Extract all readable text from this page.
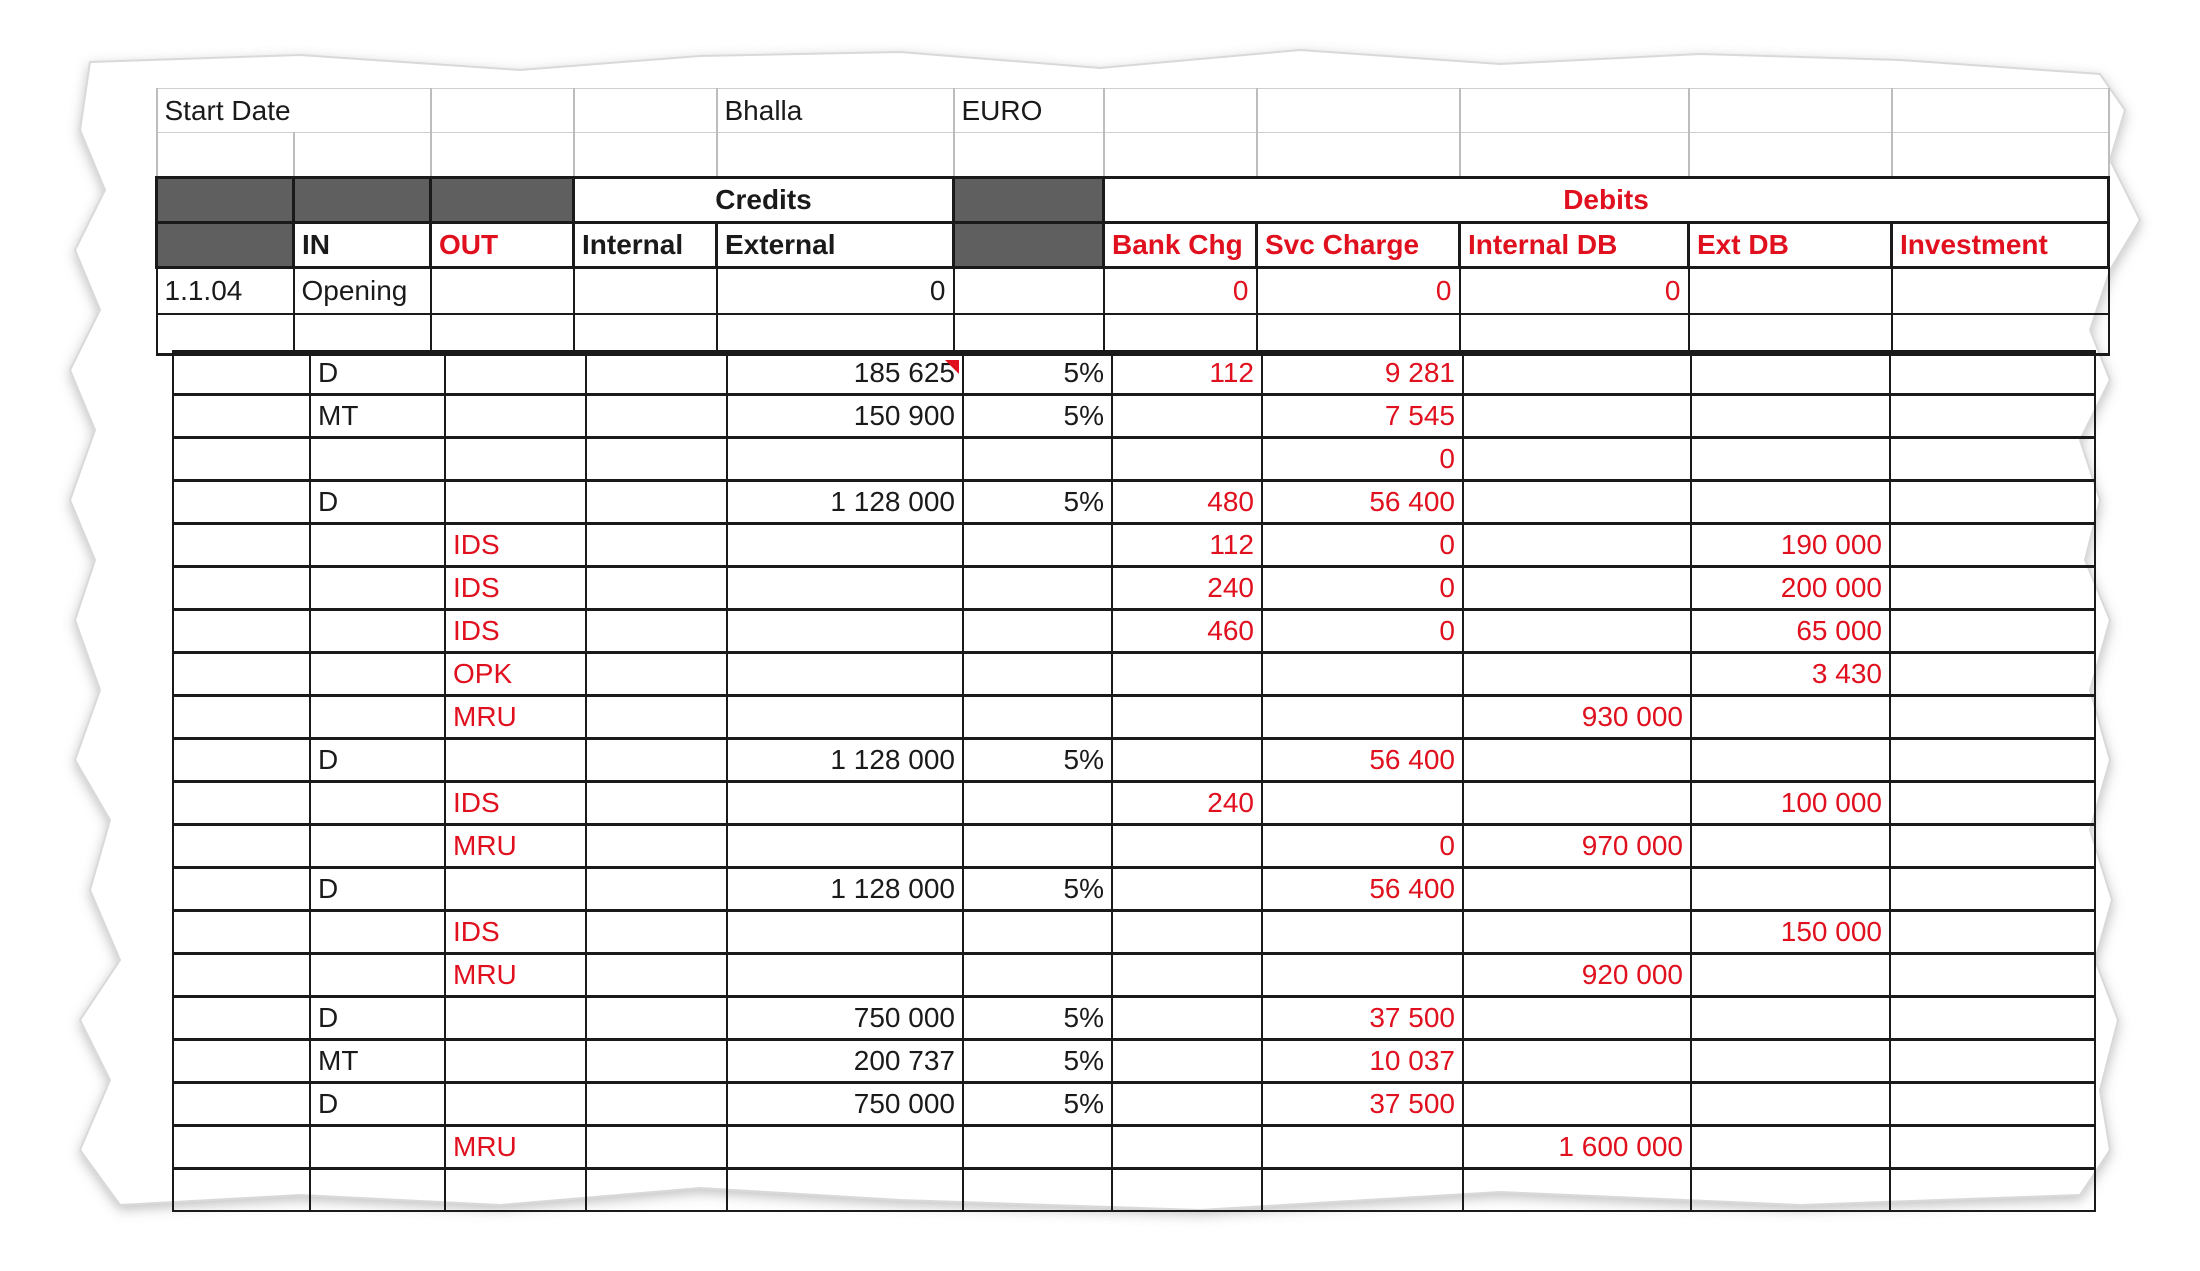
Start Date				Bhalla	EURO					

			Credits			Debits				
	IN	OUT	Internal	External		Bank Chg	Svc Charge	Internal DB	Ext DB	Investment
1.1.04	Opening			0		0	0	0		

	D			185 625	5%	112	9 281			
	MT			150 900	5%		7 545			
							0			
	D			1 128 000	5%	480	56 400			
		IDS				112	0		190 000	
		IDS				240	0		200 000	
		IDS				460	0		65 000	
		OPK							3 430	
		MRU						930 000		
	D			1 128 000	5%		56 400			
		IDS				240			100 000	
		MRU					0	970 000		
	D			1 128 000	5%		56 400			
		IDS							150 000	
		MRU						920 000		
	D			750 000	5%		37 500			
	MT			200 737	5%		10 037			
	D			750 000	5%		37 500			
		MRU						1 600 000		
